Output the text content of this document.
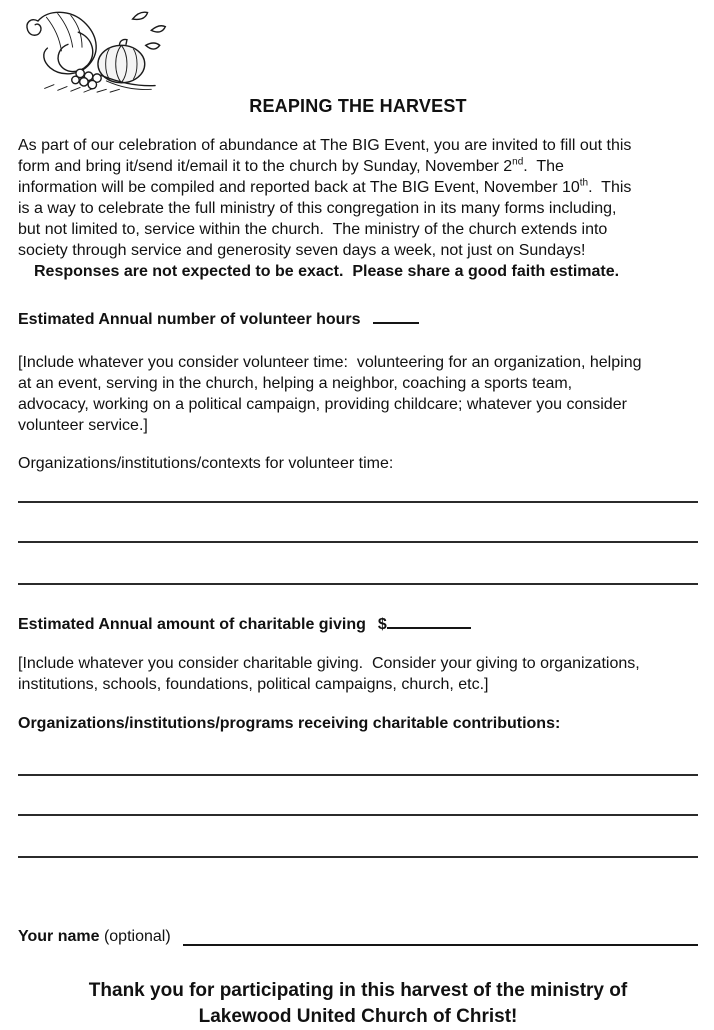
REAPING THE HARVEST
As part of our celebration of abundance at The BIG Event, you are invited to fill out this
form and bring it/send it/email it to the church by Sunday, November 2nd.  The
information will be compiled and reported back at The BIG Event, November 10th.  This
is a way to celebrate the full ministry of this congregation in its many forms including,
but not limited to, service within the church.  The ministry of the church extends into
society through service and generosity seven days a week, not just on Sundays!
Responses are not expected to be exact.  Please share a good faith estimate.
Estimated Annual number of volunteer hours
[Include whatever you consider volunteer time:  volunteering for an organization, helping
at an event, serving in the church, helping a neighbor, coaching a sports team,
advocacy, working on a political campaign, providing childcare; whatever you consider
volunteer service.]
Organizations/institutions/contexts for volunteer time:
Estimated Annual amount of charitable giving $
[Include whatever you consider charitable giving.  Consider your giving to organizations,
institutions, schools, foundations, political campaigns, church, etc.]
Organizations/institutions/programs receiving charitable contributions:
Your name (optional)
Thank you for participating in this harvest of the ministry of
Lakewood United Church of Christ!
